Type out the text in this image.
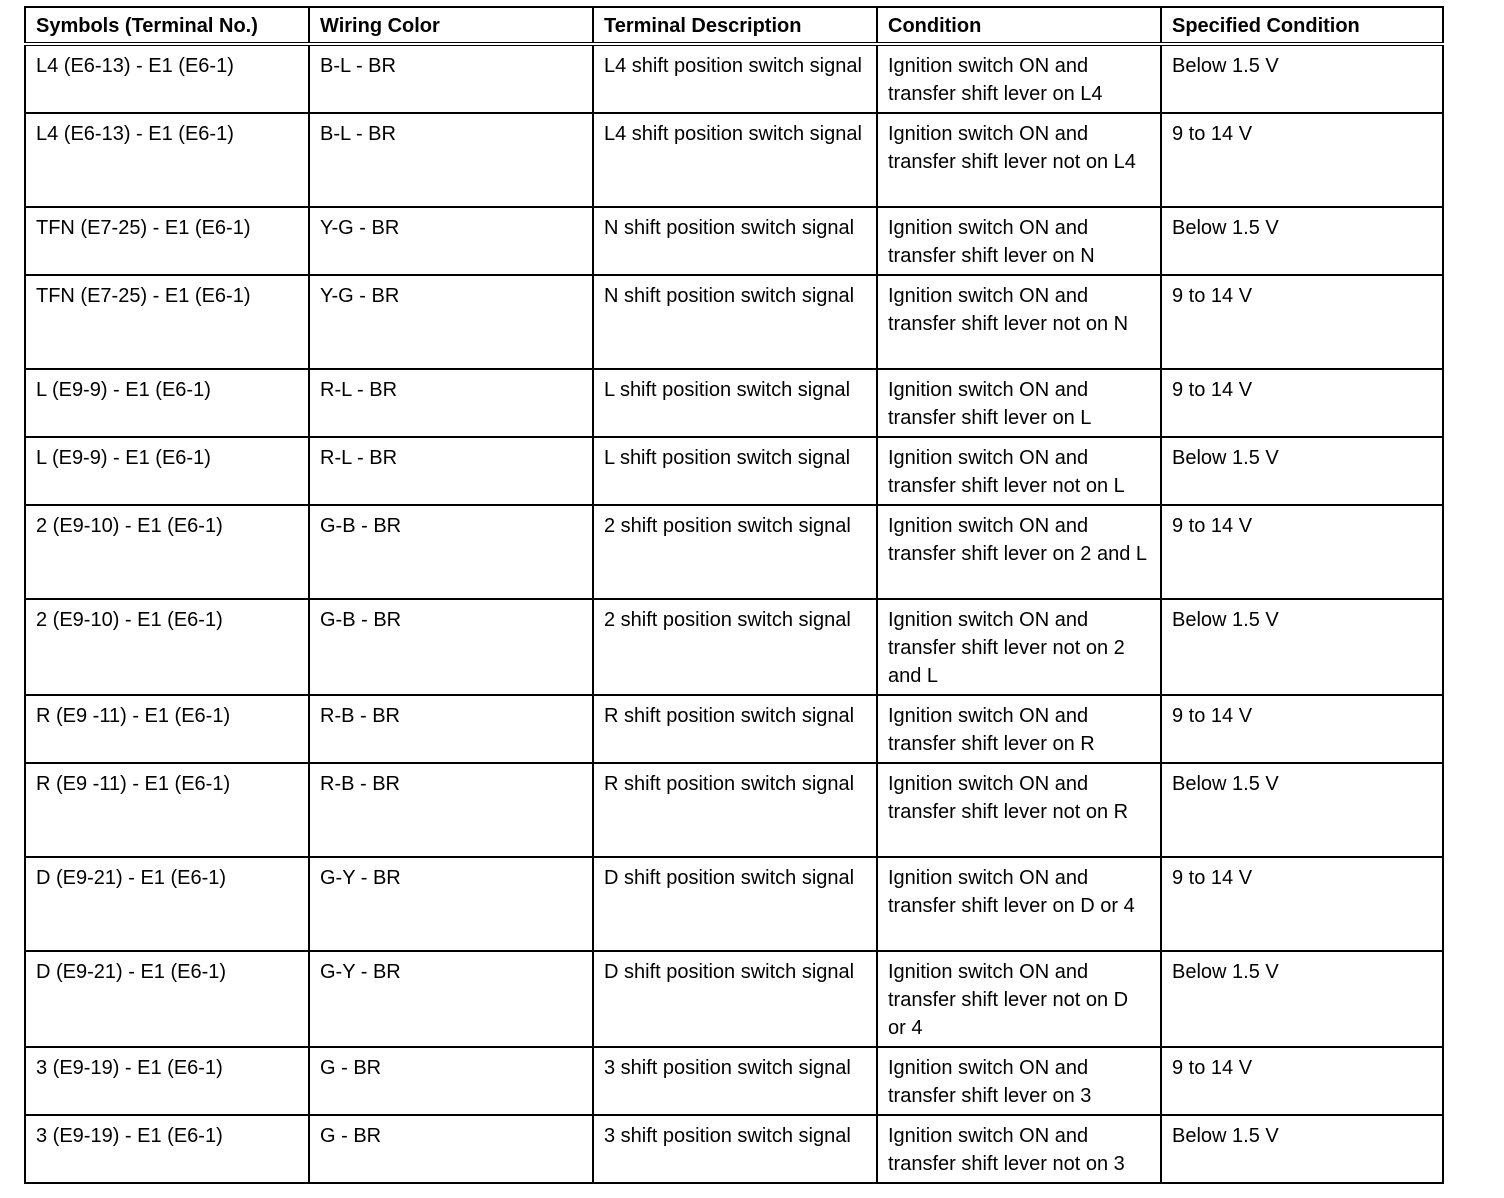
Symbols (Terminal No.)	Wiring Color	Terminal Description	Condition	Specified Condition
L4 (E6-13) - E1 (E6-1)	B-L - BR	L4 shift position switch signal	Ignition switch ON and transfer shift lever on L4	Below 1.5 V
L4 (E6-13) - E1 (E6-1)	B-L - BR	L4 shift position switch signal	Ignition switch ON and transfer shift lever not on L4	9 to 14 V
TFN (E7-25) - E1 (E6-1)	Y-G - BR	N shift position switch signal	Ignition switch ON and transfer shift lever on N	Below 1.5 V
TFN (E7-25) - E1 (E6-1)	Y-G - BR	N shift position switch signal	Ignition switch ON and transfer shift lever not on N	9 to 14 V
L (E9-9) - E1 (E6-1)	R-L - BR	L shift position switch signal	Ignition switch ON and transfer shift lever on L	9 to 14 V
L (E9-9) - E1 (E6-1)	R-L - BR	L shift position switch signal	Ignition switch ON and transfer shift lever not on L	Below 1.5 V
2 (E9-10) - E1 (E6-1)	G-B - BR	2 shift position switch signal	Ignition switch ON and transfer shift lever on 2 and L	9 to 14 V
2 (E9-10) - E1 (E6-1)	G-B - BR	2 shift position switch signal	Ignition switch ON and transfer shift lever not on 2 and L	Below 1.5 V
R (E9 -11) - E1 (E6-1)	R-B - BR	R shift position switch signal	Ignition switch ON and transfer shift lever on R	9 to 14 V
R (E9 -11) - E1 (E6-1)	R-B - BR	R shift position switch signal	Ignition switch ON and transfer shift lever not on R	Below 1.5 V
D (E9-21) - E1 (E6-1)	G-Y - BR	D shift position switch signal	Ignition switch ON and transfer shift lever on D or 4	9 to 14 V
D (E9-21) - E1 (E6-1)	G-Y - BR	D shift position switch signal	Ignition switch ON and transfer shift lever not on D or 4	Below 1.5 V
3 (E9-19) - E1 (E6-1)	G - BR	3 shift position switch signal	Ignition switch ON and transfer shift lever on 3	9 to 14 V
3 (E9-19) - E1 (E6-1)	G - BR	3 shift position switch signal	Ignition switch ON and transfer shift lever not on 3	Below 1.5 V
